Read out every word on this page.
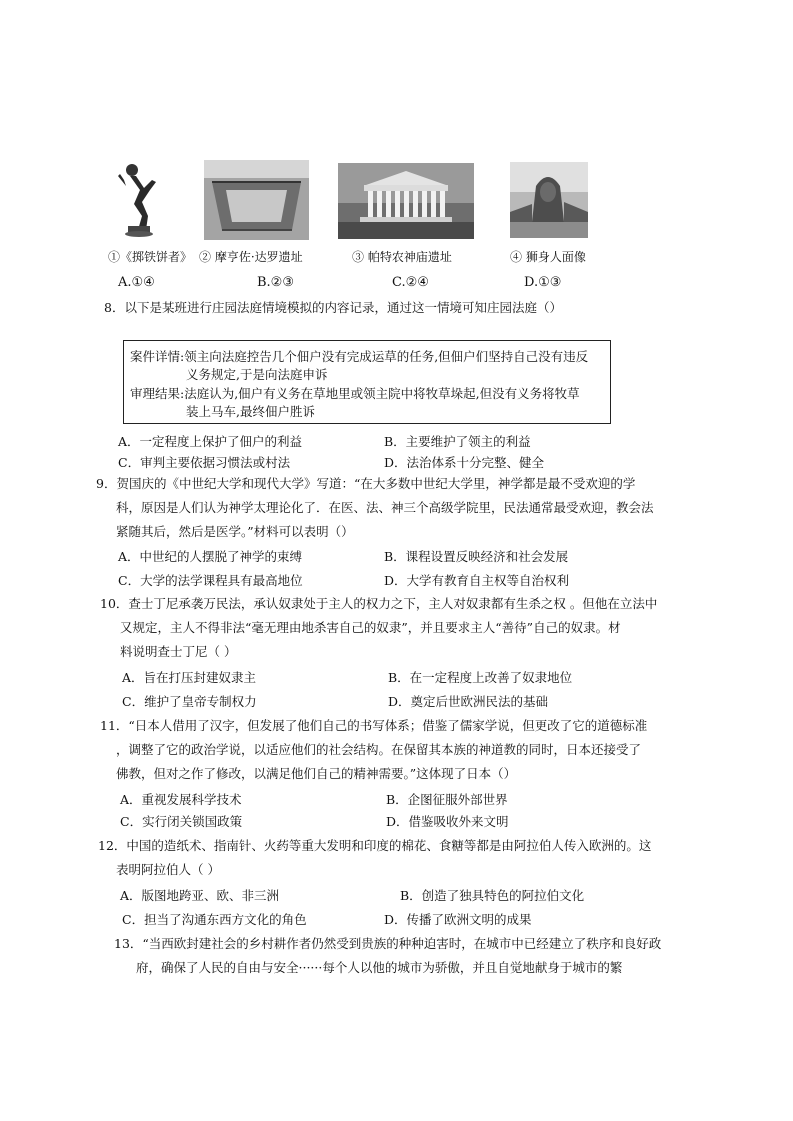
①《掷铁饼者》 ② 摩亨佐·达罗遗址	③ 帕特农神庙遗址	④ 狮身人面像
A.①④	B.②③	C.②④	D.①③
8．以下是某班进行庄园法庭情境模拟的内容记录，通过这一情境可知庄园法庭（）
案件详情:领主向法庭控告几个佃户没有完成运草的任务,但佃户们坚持自己没有违反
义务规定,于是向法庭申诉
审理结果:法庭认为,佃户有义务在草地里或领主院中将牧草垛起,但没有义务将牧草
装上马车,最终佃户胜诉
A．一定程度上保护了佃户的利益	B．主要维护了领主的利益
C．审判主要依据习惯法或村法	D．法治体系十分完整、健全
9．贺国庆的《中世纪大学和现代大学》写道：“在大多数中世纪大学里，神学都是最不受欢迎的学
科，原因是人们认为神学太理论化了．在医、法、神三个高级学院里，民法通常最受欢迎，教会法
紧随其后，然后是医学。”材料可以表明（）
A．中世纪的人摆脱了神学的束缚	B．课程设置反映经济和社会发展
C．大学的法学课程具有最高地位	D．大学有教育自主权等自治权利
10．查士丁尼承袭万民法，承认奴隶处于主人的权力之下，主人对奴隶都有生杀之权 。但他在立法中
又规定，主人不得非法“毫无理由地杀害自己的奴隶”，并且要求主人“善待”自己的奴隶。材
料说明查士丁尼（ ）
A．旨在打压封建奴隶主	B．在一定程度上改善了奴隶地位
C．维护了皇帝专制权力	D．奠定后世欧洲民法的基础
11．“日本人借用了汉字，但发展了他们自己的书写体系；借鉴了儒家学说，但更改了它的道德标准
，调整了它的政治学说，以适应他们的社会结构。在保留其本族的神道教的同时，日本还接受了
佛教，但对之作了修改，以满足他们自己的精神需要。”这体现了日本（）
A．重视发展科学技术	B．企图征服外部世界
C．实行闭关锁国政策	D．借鉴吸收外来文明
12．中国的造纸术、指南针、火药等重大发明和印度的棉花、食糖等都是由阿拉伯人传入欧洲的。这
表明阿拉伯人（ ）
A．版图地跨亚、欧、非三洲	B．创造了独具特色的阿拉伯文化
C．担当了沟通东西方文化的角色	D．传播了欧洲文明的成果
13．“当西欧封建社会的乡村耕作者仍然受到贵族的种种迫害时，在城市中已经建立了秩序和良好政
府，确保了人民的自由与安全······每个人以他的城市为骄傲，并且自觉地献身于城市的繁
